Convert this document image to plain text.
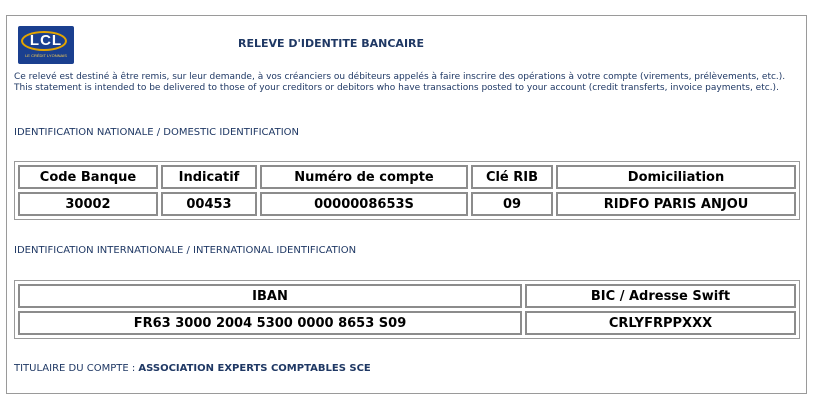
LCL
LE CRÉDIT LYONNAIS
RELEVE D'IDENTITE BANCAIRE
Ce relevé est destiné à être remis, sur leur demande, à vos créanciers ou débiteurs appelés à faire inscrire des opérations à votre compte (virements, prélèvements, etc.).
This statement is intended to be delivered to those of your creditors or debitors who have transactions posted to your account (credit transferts, invoice payments, etc.).
IDENTIFICATION NATIONALE / DOMESTIC IDENTIFICATION
Code Banque	Indicatif	Numéro de compte	Clé RIB	Domiciliation
30002	00453	0000008653S	09	RIDFO PARIS ANJOU
IDENTIFICATION INTERNATIONALE / INTERNATIONAL IDENTIFICATION
IBAN	BIC / Adresse Swift
FR63 3000 2004 5300 0000 8653 S09	CRLYFRPPXXX
TITULAIRE DU COMPTE : ASSOCIATION EXPERTS COMPTABLES SCE
